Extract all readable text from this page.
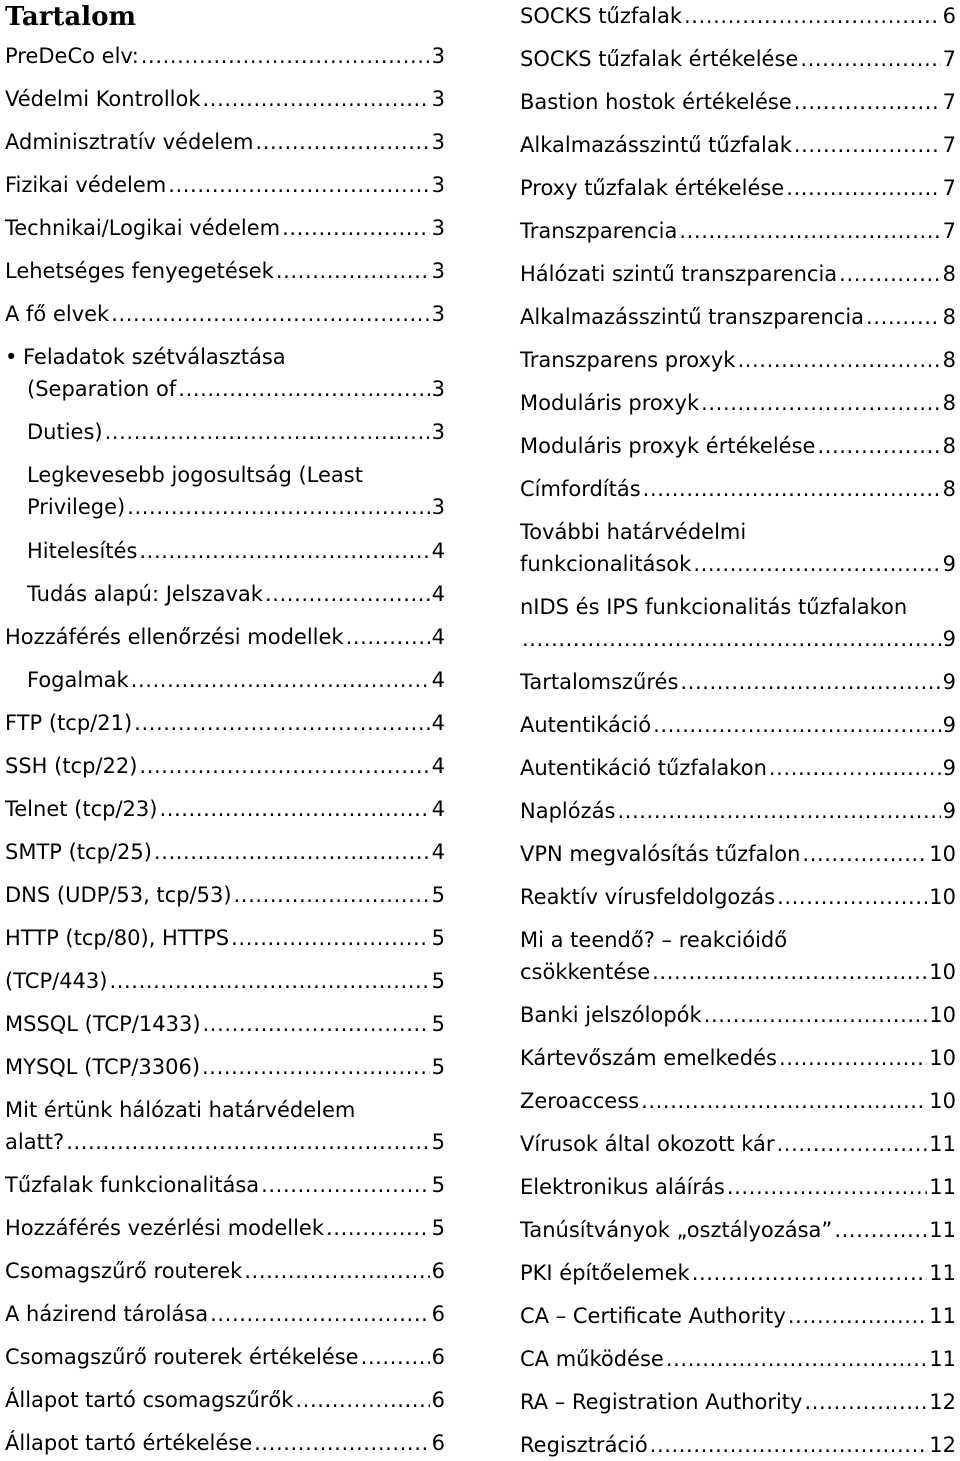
Tartalom
PreDeCo elv: .....	3
Védelmi Kontrollok .....	3
Adminisztratív védelem .....	3
Fizikai védelem .....	3
Technikai/Logikai védelem .....	3
Lehetséges fenyegetések .....	3
A fő elvek .....	3
• Feladatok szétválasztása
(Separation of .....	3
Duties) .....	3
Legkevesebb jogosultság (Least
Privilege) .....	3
Hitelesítés .....	4
Tudás alapú: Jelszavak .....	4
Hozzáférés ellenőrzési modellek .....	4
Fogalmak .....	4
FTP (tcp/21) .....	4
SSH (tcp/22) .....	4
Telnet (tcp/23) .....	4
SMTP (tcp/25) .....	4
DNS (UDP/53, tcp/53) .....	5
HTTP (tcp/80), HTTPS .....	5
(TCP/443) .....	5
MSSQL (TCP/1433) .....	5
MYSQL (TCP/3306) .....	5
Mit értünk hálózati határvédelem
alatt? .....	5
Tűzfalak funkcionalitása .....	5
Hozzáférés vezérlési modellek .....	5
Csomagszűrő routerek .....	6
A házirend tárolása .....	6
Csomagszűrő routerek értékelése .....	6
Állapot tartó csomagszűrők .....	6
Állapot tartó értékelése .....	6
SOCKS tűzfalak .....	6
SOCKS tűzfalak értékelése .....	7
Bastion hostok értékelése .....	7
Alkalmazásszintű tűzfalak .....	7
Proxy tűzfalak értékelése .....	7
Transzparencia .....	7
Hálózati szintű transzparencia .....	8
Alkalmazásszintű transzparencia .....	8
Transzparens proxyk .....	8
Moduláris proxyk .....	8
Moduláris proxyk értékelése .....	8
Címfordítás .....	8
További határvédelmi
funkcionalitások .....	9
nIDS és IPS funkcionalitás tűzfalakon
.....
9
Tartalomszűrés .....	9
Autentikáció .....	9
Autentikáció tűzfalakon .....	9
Naplózás .....	9
VPN megvalósítás tűzfalon .....	10
Reaktív vírusfeldolgozás .....	10
Mi a teendő? – reakcióidő
csökkentése .....	10
Banki jelszólopók .....	10
Kártevőszám emelkedés .....	10
Zeroaccess .....	10
Vírusok által okozott kár .....	11
Elektronikus aláírás .....	11
Tanúsítványok „osztályozása” .....	11
PKI építőelemek .....	11
CA – Certificate Authority .....	11
CA működése .....	11
RA – Registration Authority .....	12
Regisztráció .....	12
